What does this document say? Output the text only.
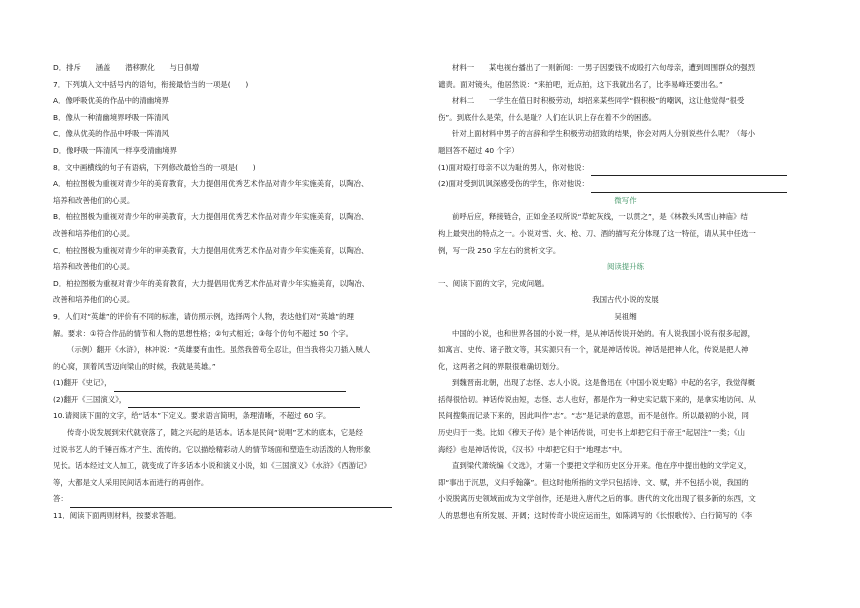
D．排斥　　涵盖　　潜移默化　　与日俱增

7．下列填入文中括号内的语句，衔接最恰当的一项是(　　)

A．像呼吸优美的作品中的清幽境界

B．像从一种清幽境界呼吸一阵清风

C．像从优美的作品中呼吸一阵清风

D．像呼吸一阵清风一样享受清幽境界

8．文中画横线的句子有语病，下列修改最恰当的一项是(　　)

A．柏拉图极为重视对青少年的美育教育，大力提倡用优秀艺术作品对青少年实施美育，以陶冶、

培养和改善他们的心灵。

B．柏拉图极为重视对青少年的审美教育，大力提倡用优秀艺术作品对青少年实施美育，以陶冶、

改善和培养他们的心灵。

C．柏拉图极为重视对青少年的审美教育，大力提倡用优秀艺术作品对青少年实施美育，以陶冶、

培养和改善他们的心灵。

D．柏拉图极为重视对青少年的美育教育，大力提倡用优秀艺术作品对青少年实施美育，以陶冶、

改善和培养他们的心灵。

9．人们对“英雄”的评价有不同的标准，请仿照示例，选择两个人物，表达他们对“英雄”的理

解。要求：①符合作品的情节和人物的思想性格；②句式相近；③每个仿句不超过 50 个字。

（示例）翻开《水浒》，林冲说：“英雄要有血性。虽然我曾苟全忍让，但当我将尖刀插入贼人

的心窝，顶着风雪迈向梁山的时候，我就是英雄。”

(1)翻开《史记》，

(2)翻开《三国演义》，

10.请阅读下面的文字，给“话本”下定义。要求语言简明，条理清晰，不超过 60 字。

传奇小说发展到宋代就衰落了，随之兴起的是话本。话本是民间“说唱”艺术的底本，它是经

过说书艺人的千锤百炼才产生、流传的。它以描绘精彩动人的情节场面和塑造生动活泼的人物形象

见长。话本经过文人加工，就变成了许多话本小说和演义小说，如《三国演义》《水浒》《西游记》

等，大都是文人采用民间话本而进行的再创作。

答：

11．阅读下面两则材料，按要求答题。

材料一　　某电视台播出了一则新闻：一男子因要钱不成殴打六旬母亲，遭到周围群众的强烈

谴责。面对镜头，他居然说：“来拍吧，近点拍，这下我就出名了，比李易峰还要出名。”

材料二　　一学生在值日时积极劳动，却招来某些同学“假积极”的嘲讽，这让他觉得“很受

伤”。到底什么是荣，什么是耻？人们在认识上存在着不少的困惑。

针对上面材料中男子的言辞和学生积极劳动招致的结果，你会对两人分别说些什么呢？（每小

题回答不超过 40 个字）

(1)面对殴打母亲不以为耻的男人，你对他说：

(2)面对受到讥讽深感受伤的学生，你对他说：

微写作

前呼后应，释接链合，正如金圣叹所说“草蛇灰线，一以贯之”，是《林教头风雪山神庙》结

构上最突出的特点之一。小说对雪、火、枪、刀、酒的描写充分体现了这一特征，请从其中任选一

例，写一段 250 字左右的赏析文字。

阅读提升练

一、阅读下面的文字，完成问题。

我国古代小说的发展

吴祖缃

中国的小说，也和世界各国的小说一样，是从神话传说开始的。有人说我国小说有很多起源，

如寓言、史传、诸子散文等，其实源只有一个，就是神话传说。神话是把神人化，传说是把人神

化，这两者之间的界限很难确切划分。

到魏晋南北朝，出现了志怪、志人小说。这是鲁迅在《中国小说史略》中起的名字，我觉得概

括得很恰切。神话传说由短，志怪、志人也好，都是作为一种史实记载下来的，是拿实地访问、从

民间搜集而记录下来的，因此叫作“志”。“志”是记录的意思，而不是创作。所以最初的小说，同

历史归于一类。比如《穆天子传》是个神话传说，可史书上却把它归于帝王“起居注”一类；《山

海经》也是神话传说，《汉书》中却把它归于“地理志”中。

直到梁代萧统编《文选》，才第一个要把文学和历史区分开来。他在序中提出他的文学定义，

即“事出于沉思，义归乎翰藻”。但这时他所指的文学只包括诗、文、赋，并不包括小说，我国的

小说脱离历史领域而成为文学创作，还是进入唐代之后的事。唐代的文化出现了很多新的东西，文

人的思想也有所发展、开阔；这时传奇小说应运而生，如陈鸿写的《长恨歌传》、白行简写的《李
